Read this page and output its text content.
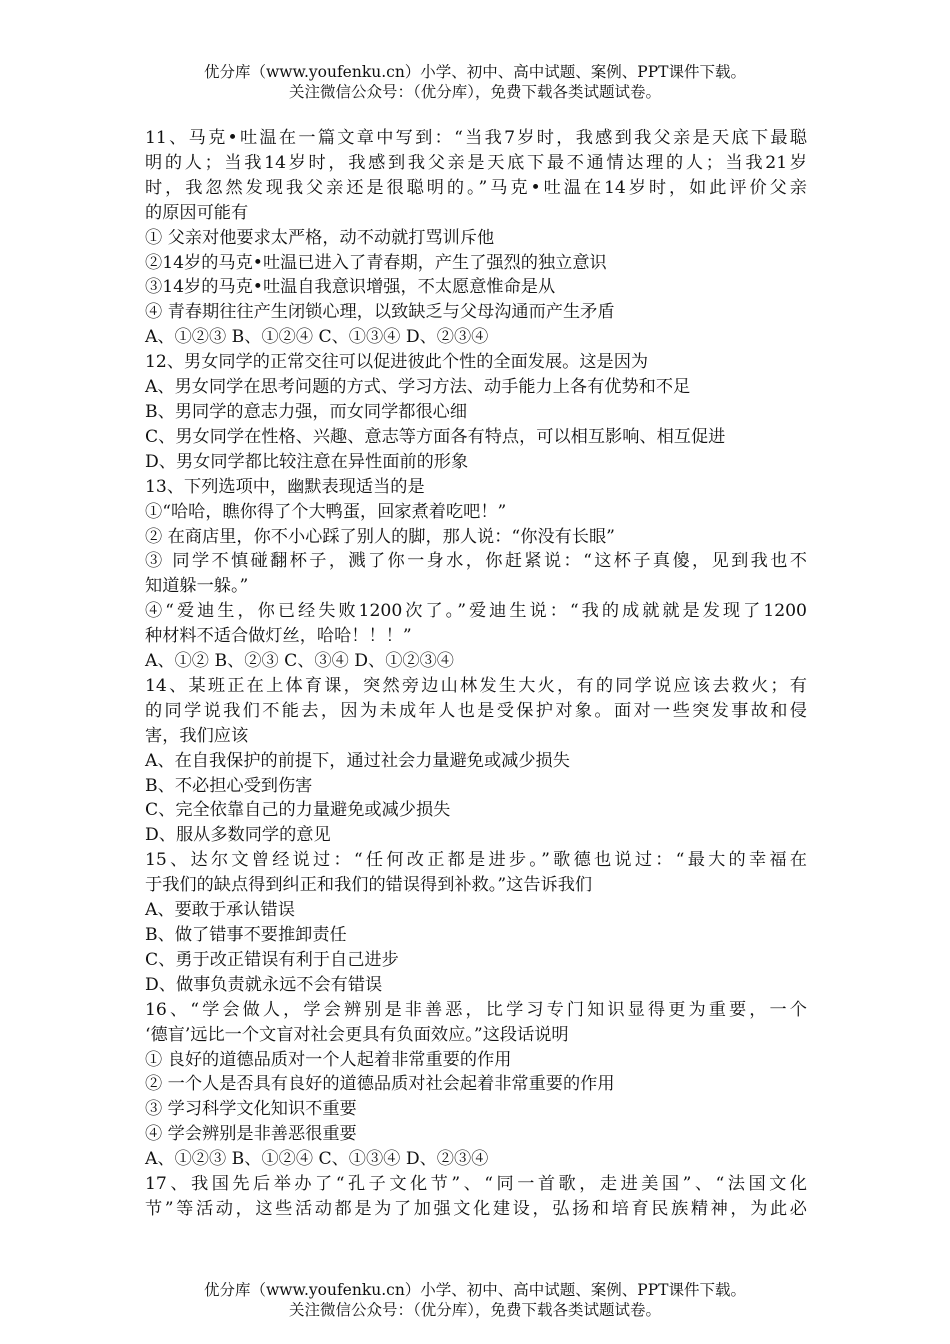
优分库（www.youfenku.cn）小学、初中、高中试题、案例、PPT课件下载。
关注微信公众号：（优分库），免费下载各类试题试卷。
11、马克•吐温在一篇文章中写到：“当我7岁时，我感到我父亲是天底下最聪
明的人；当我14岁时，我感到我父亲是天底下最不通情达理的人；当我21岁
时，我忽然发现我父亲还是很聪明的。”马克•吐温在14岁时，如此评价父亲
的原因可能有
① 父亲对他要求太严格，动不动就打骂训斥他
②14岁的马克•吐温已进入了青春期，产生了强烈的独立意识
③14岁的马克•吐温自我意识增强，不太愿意惟命是从
④ 青春期往往产生闭锁心理，以致缺乏与父母沟通而产生矛盾
A、①②③ B、①②④ C、①③④ D、②③④
12、男女同学的正常交往可以促进彼此个性的全面发展。这是因为
A、男女同学在思考问题的方式、学习方法、动手能力上各有优势和不足
B、男同学的意志力强，而女同学都很心细
C、男女同学在性格、兴趣、意志等方面各有特点，可以相互影响、相互促进
D、男女同学都比较注意在异性面前的形象
13、下列选项中，幽默表现适当的是
①“哈哈，瞧你得了个大鸭蛋，回家煮着吃吧！”
② 在商店里，你不小心踩了别人的脚，那人说：“你没有长眼”
③ 同学不慎碰翻杯子，溅了你一身水，你赶紧说：“这杯子真傻，见到我也不
知道躲一躲。”
④“爱迪生，你已经失败1200次了。”爱迪生说：“我的成就就是发现了1200
种材料不适合做灯丝，哈哈！！！”
A、①② B、②③ C、③④ D、①②③④
14、某班正在上体育课，突然旁边山林发生大火，有的同学说应该去救火；有
的同学说我们不能去，因为未成年人也是受保护对象。面对一些突发事故和侵
害，我们应该
A、在自我保护的前提下，通过社会力量避免或减少损失
B、不必担心受到伤害
C、完全依靠自己的力量避免或减少损失
D、服从多数同学的意见
15、达尔文曾经说过：“任何改正都是进步。”歌德也说过：“最大的幸福在
于我们的缺点得到纠正和我们的错误得到补救。”这告诉我们
A、要敢于承认错误
B、做了错事不要推卸责任
C、勇于改正错误有利于自己进步
D、做事负责就永远不会有错误
16、“学会做人，学会辨别是非善恶，比学习专门知识显得更为重要，一个
‘德盲’远比一个文盲对社会更具有负面效应。”这段话说明
① 良好的道德品质对一个人起着非常重要的作用
② 一个人是否具有良好的道德品质对社会起着非常重要的作用
③ 学习科学文化知识不重要
④ 学会辨别是非善恶很重要
A、①②③ B、①②④ C、①③④ D、②③④
17、我国先后举办了“孔子文化节”、“同一首歌，走进美国”、“法国文化
节”等活动，这些活动都是为了加强文化建设，弘扬和培育民族精神，为此必
优分库（www.youfenku.cn）小学、初中、高中试题、案例、PPT课件下载。
关注微信公众号：（优分库），免费下载各类试题试卷。
